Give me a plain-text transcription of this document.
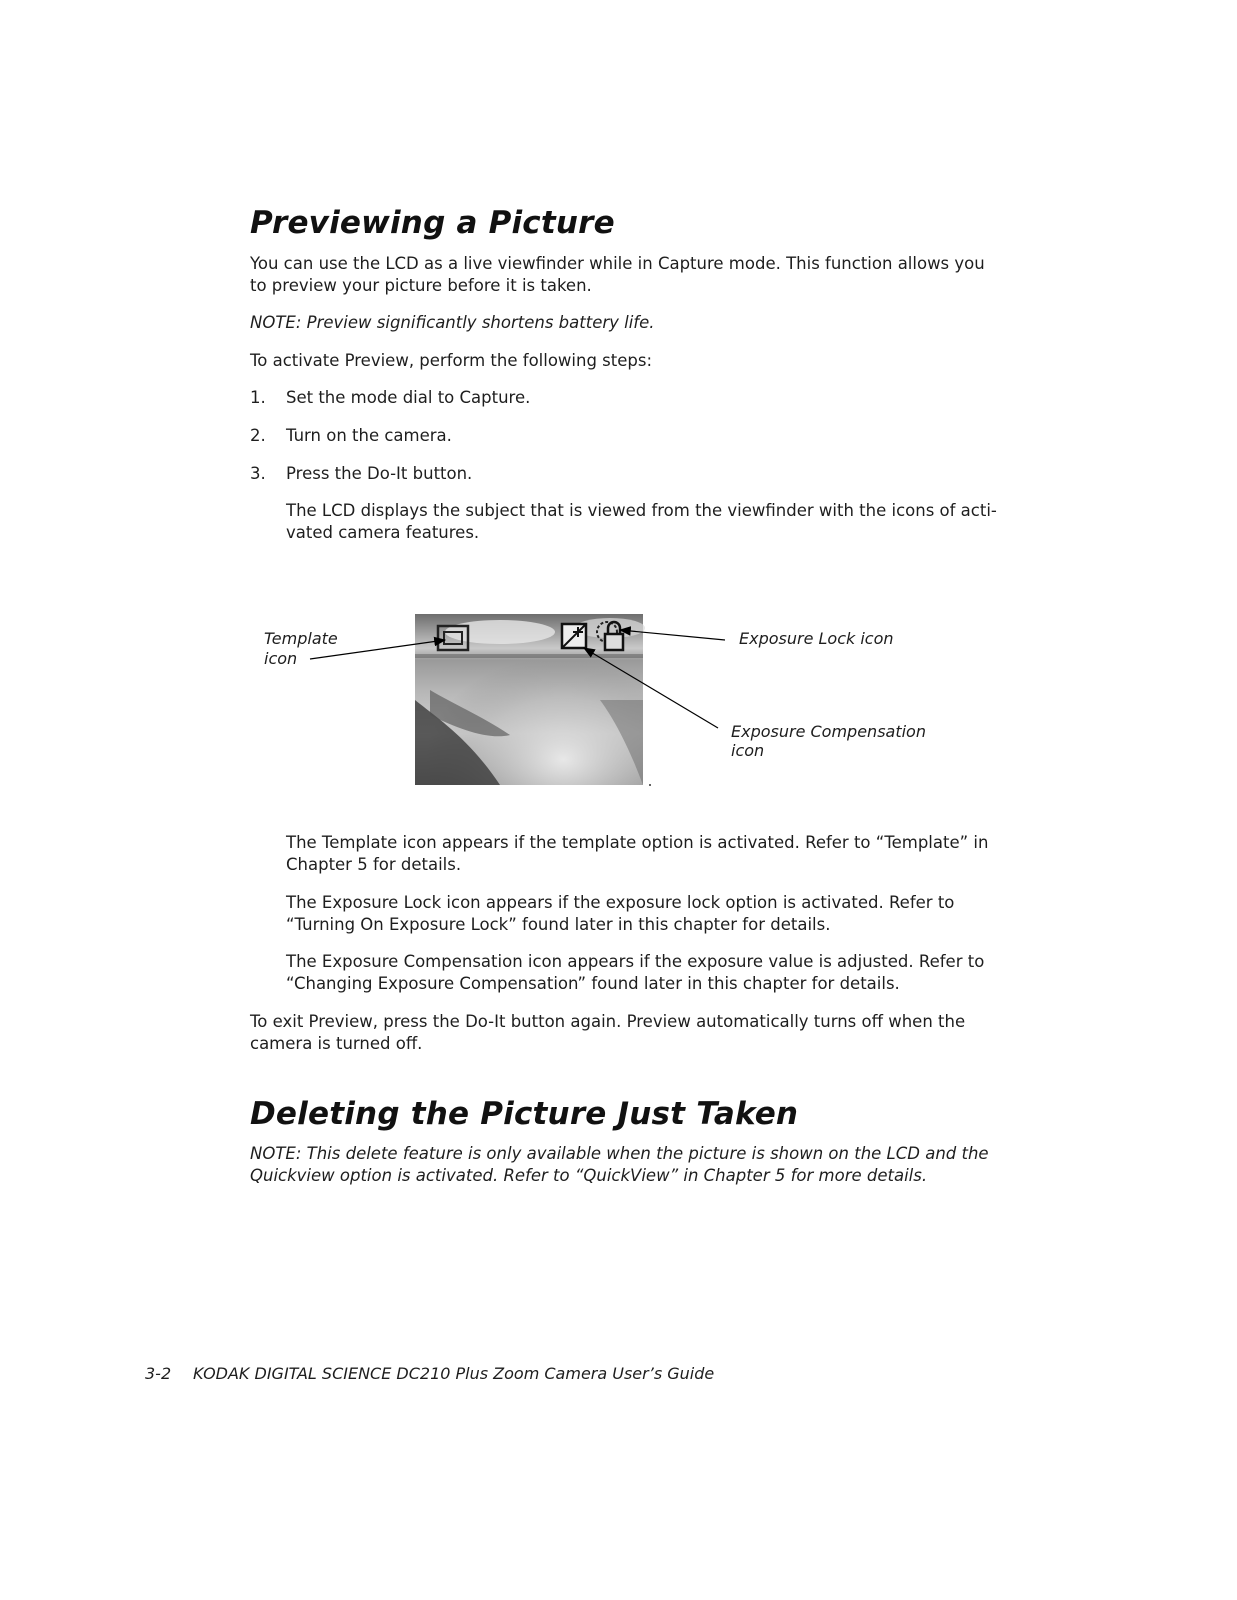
Previewing a Picture

You can use the LCD as a live viewfinder while in Capture mode. This function allows you

to preview your picture before it is taken.

NOTE: Preview significantly shortens battery life.

To activate Preview, perform the following steps:

1. Set the mode dial to Capture.

2. Turn on the camera.

3. Press the Do-It button.

The LCD displays the subject that is viewed from the viewfinder with the icons of acti-

vated camera features.

Template
icon
Exposure Lock icon
Exposure Compensation
icon

The Template icon appears if the template option is activated. Refer to “Template” in

Chapter 5 for details.

The Exposure Lock icon appears if the exposure lock option is activated. Refer to

“Turning On Exposure Lock” found later in this chapter for details.

The Exposure Compensation icon appears if the exposure value is adjusted. Refer to

“Changing Exposure Compensation” found later in this chapter for details.

To exit Preview, press the Do-It button again. Preview automatically turns off when the

camera is turned off.

Deleting the Picture Just Taken

NOTE: This delete feature is only available when the picture is shown on the LCD and the

Quickview option is activated. Refer to “QuickView” in Chapter 5 for more details.

3-2 KODAK DIGITAL SCIENCE DC210 Plus Zoom Camera User’s Guide
